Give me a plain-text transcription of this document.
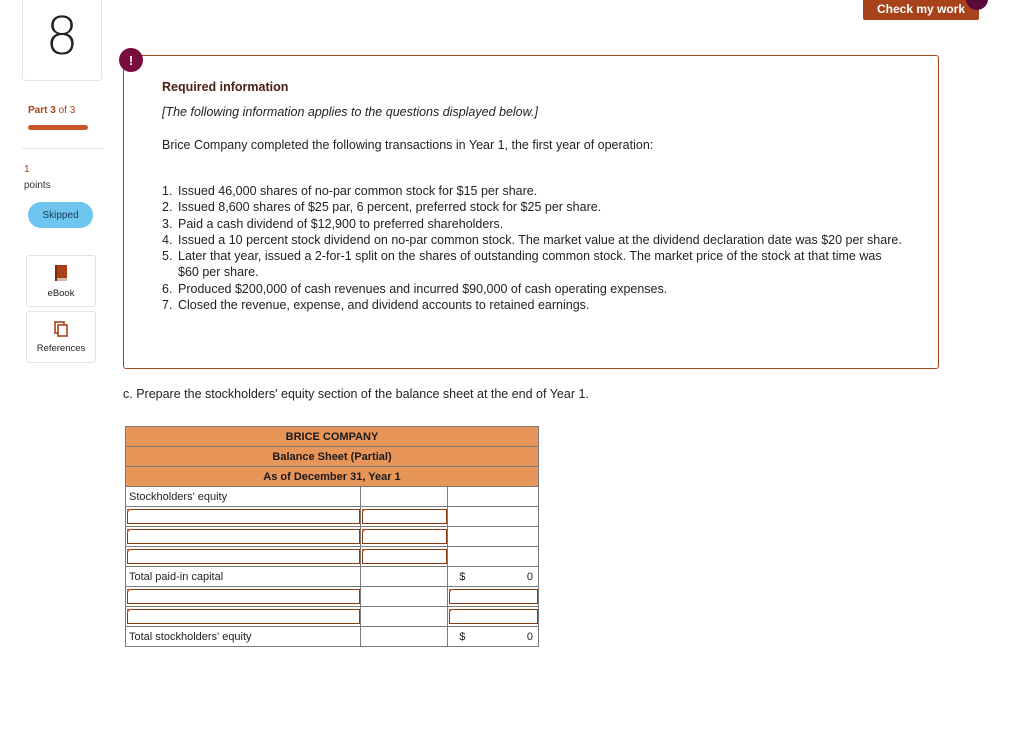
Check my work
8
Part 3 of 3
1
points
Skipped
eBook
References
Required information
[The following information applies to the questions displayed below.]
Brice Company completed the following transactions in Year 1, the first year of operation:
1. Issued 46,000 shares of no-par common stock for $15 per share.
2. Issued 8,600 shares of $25 par, 6 percent, preferred stock for $25 per share.
3. Paid a cash dividend of $12,900 to preferred shareholders.
4. Issued a 10 percent stock dividend on no-par common stock. The market value at the dividend declaration date was $20 per share.
5. Later that year, issued a 2-for-1 split on the shares of outstanding common stock. The market price of the stock at that time was $60 per share.
6. Produced $200,000 of cash revenues and incurred $90,000 of cash operating expenses.
7. Closed the revenue, expense, and dividend accounts to retained earnings.
!
c. Prepare the stockholders' equity section of the balance sheet at the end of Year 1.
BRICE COMPANY		
Balance Sheet (Partial)		
As of December 31, Year 1		
Stockholders' equity		

Total paid-in capital		$ 0

Total stockholders' equity		$ 0
